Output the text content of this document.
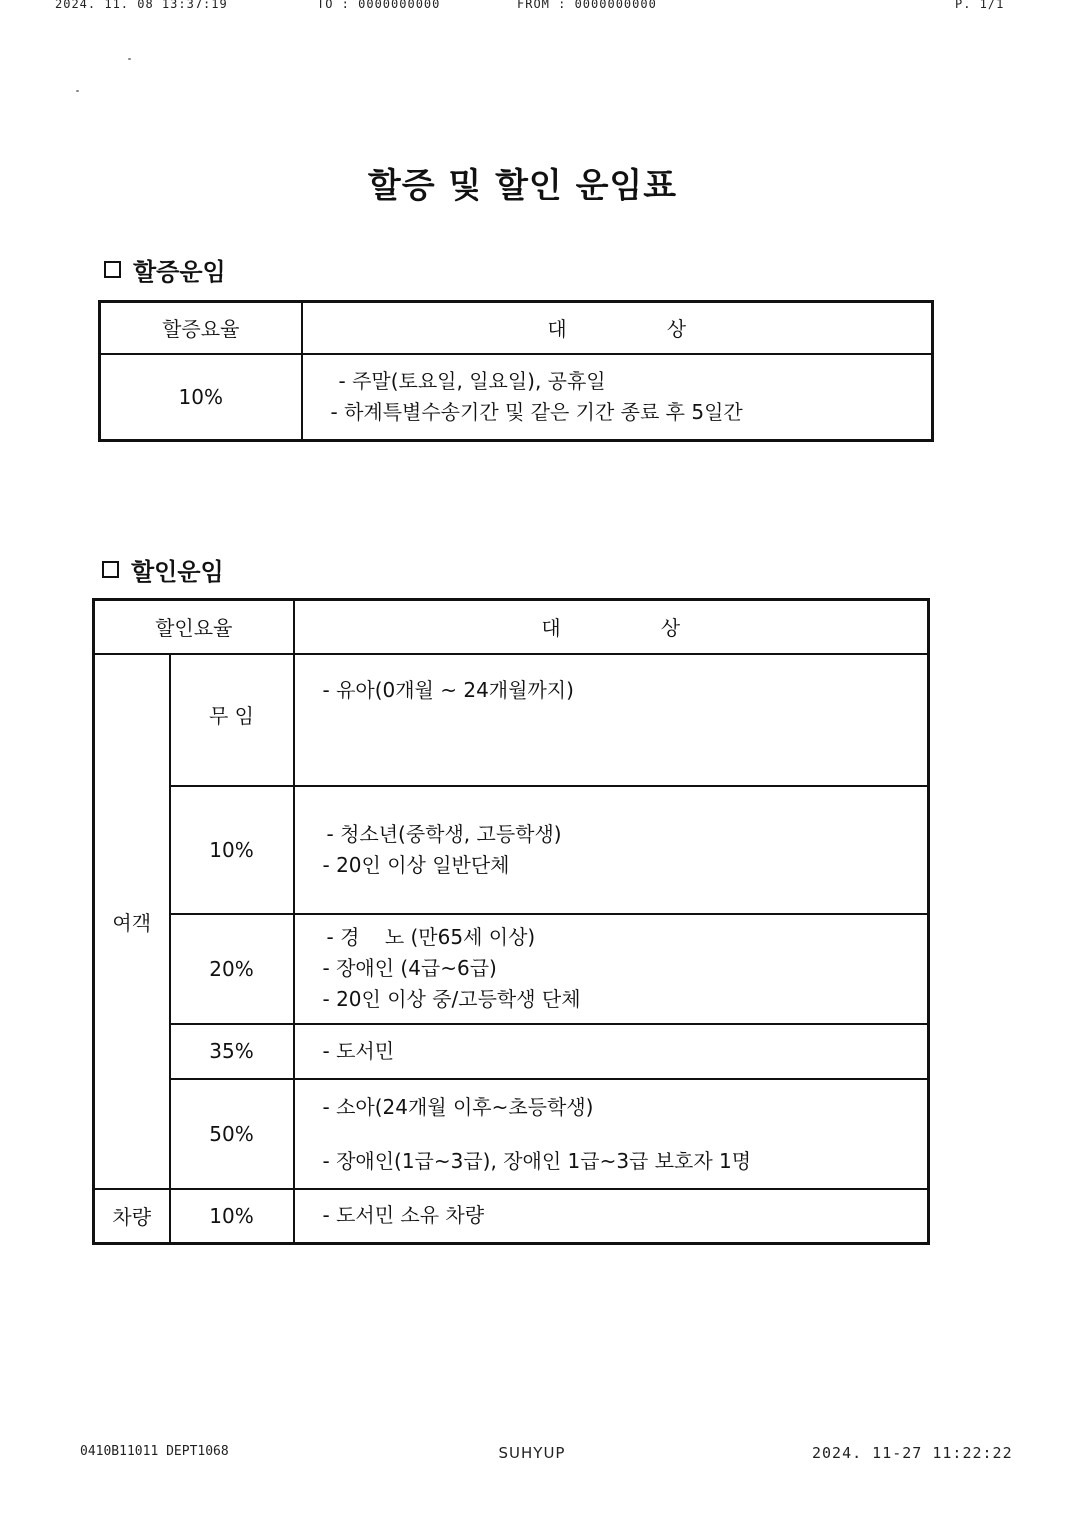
2024. 11. 08 13:37:19	TO : 0000000000	FROM : 0000000000	P. 1/1
할증 및 할인 운임표
할증운임
할증요율	대 상
10%	- 주말(토요일, 일요일), 공휴일
- 하계특별수송기간 및 같은 기간 종료 후 5일간
할인운임
할인요율		대 상
여객	무 임	- 유아(0개월 ~ 24개월까지)

	10%	- 청소년(중학생, 고등학생)
- 20인 이상 일반단체

	20%	- 경    노 (만65세 이상)
- 장애인 (4급~6급)
- 20인 이상 중/고등학생 단체

	35%	- 도서민

	50%	- 소아(24개월 이후~초등학생)
- 장애인(1급~3급), 장애인 1급~3급 보호자 1명

차량	10%	- 도서민 소유 차량
0410B11011 DEPT1068	SUHYUP	2024. 11-27 11:22:22
